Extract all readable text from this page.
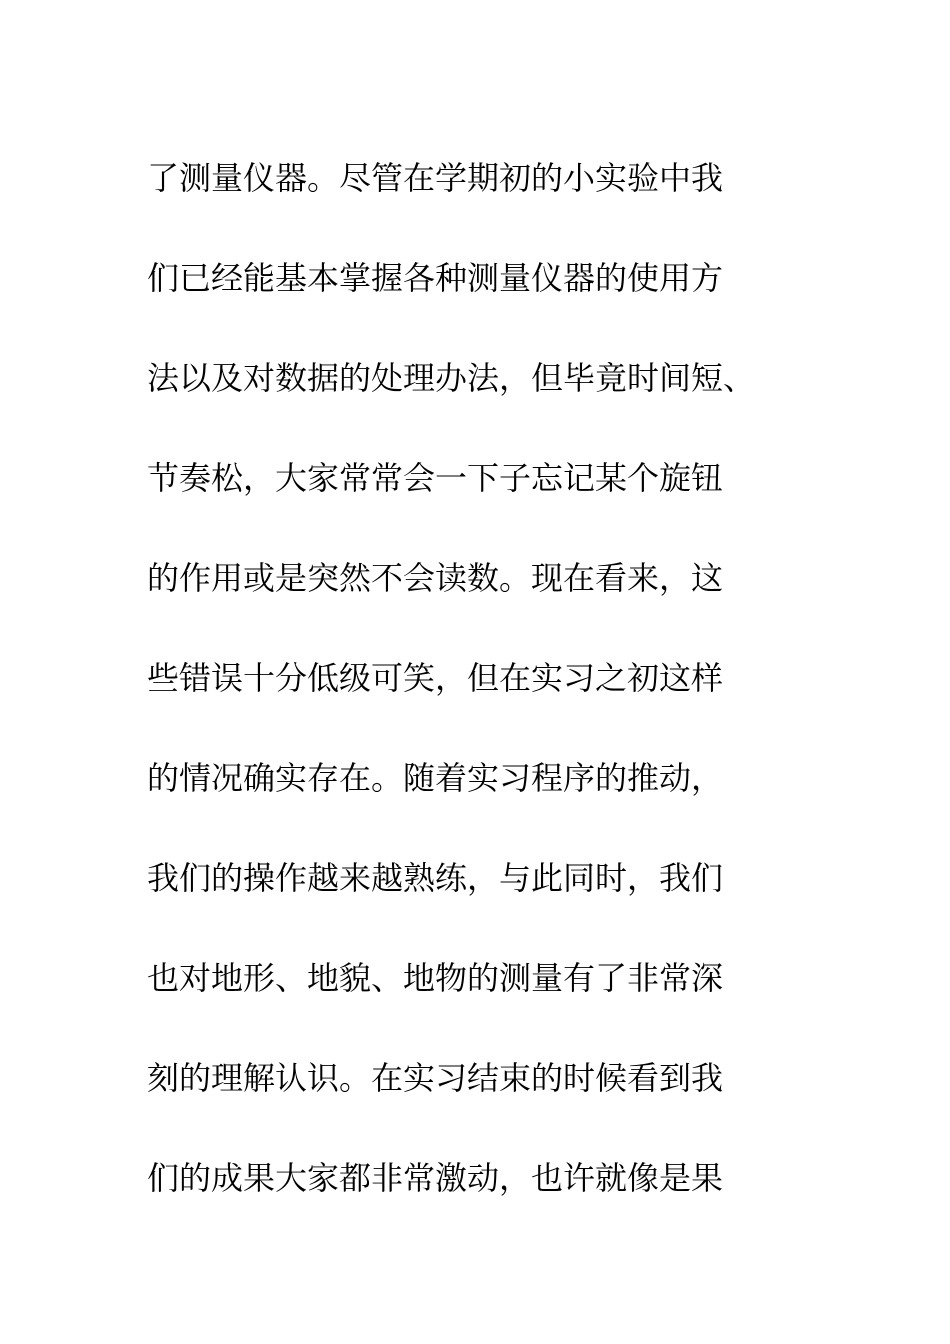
了测量仪器。尽管在学期初的小实验中我
们已经能基本掌握各种测量仪器的使用方
法以及对数据的处理办法，但毕竟时间短、
节奏松，大家常常会一下子忘记某个旋钮
的作用或是突然不会读数。现在看来，这
些错误十分低级可笑，但在实习之初这样
的情况确实存在。随着实习程序的推动，
我们的操作越来越熟练，与此同时，我们
也对地形、地貌、地物的测量有了非常深
刻的理解认识。在实习结束的时候看到我
们的成果大家都非常激动，也许就像是果
